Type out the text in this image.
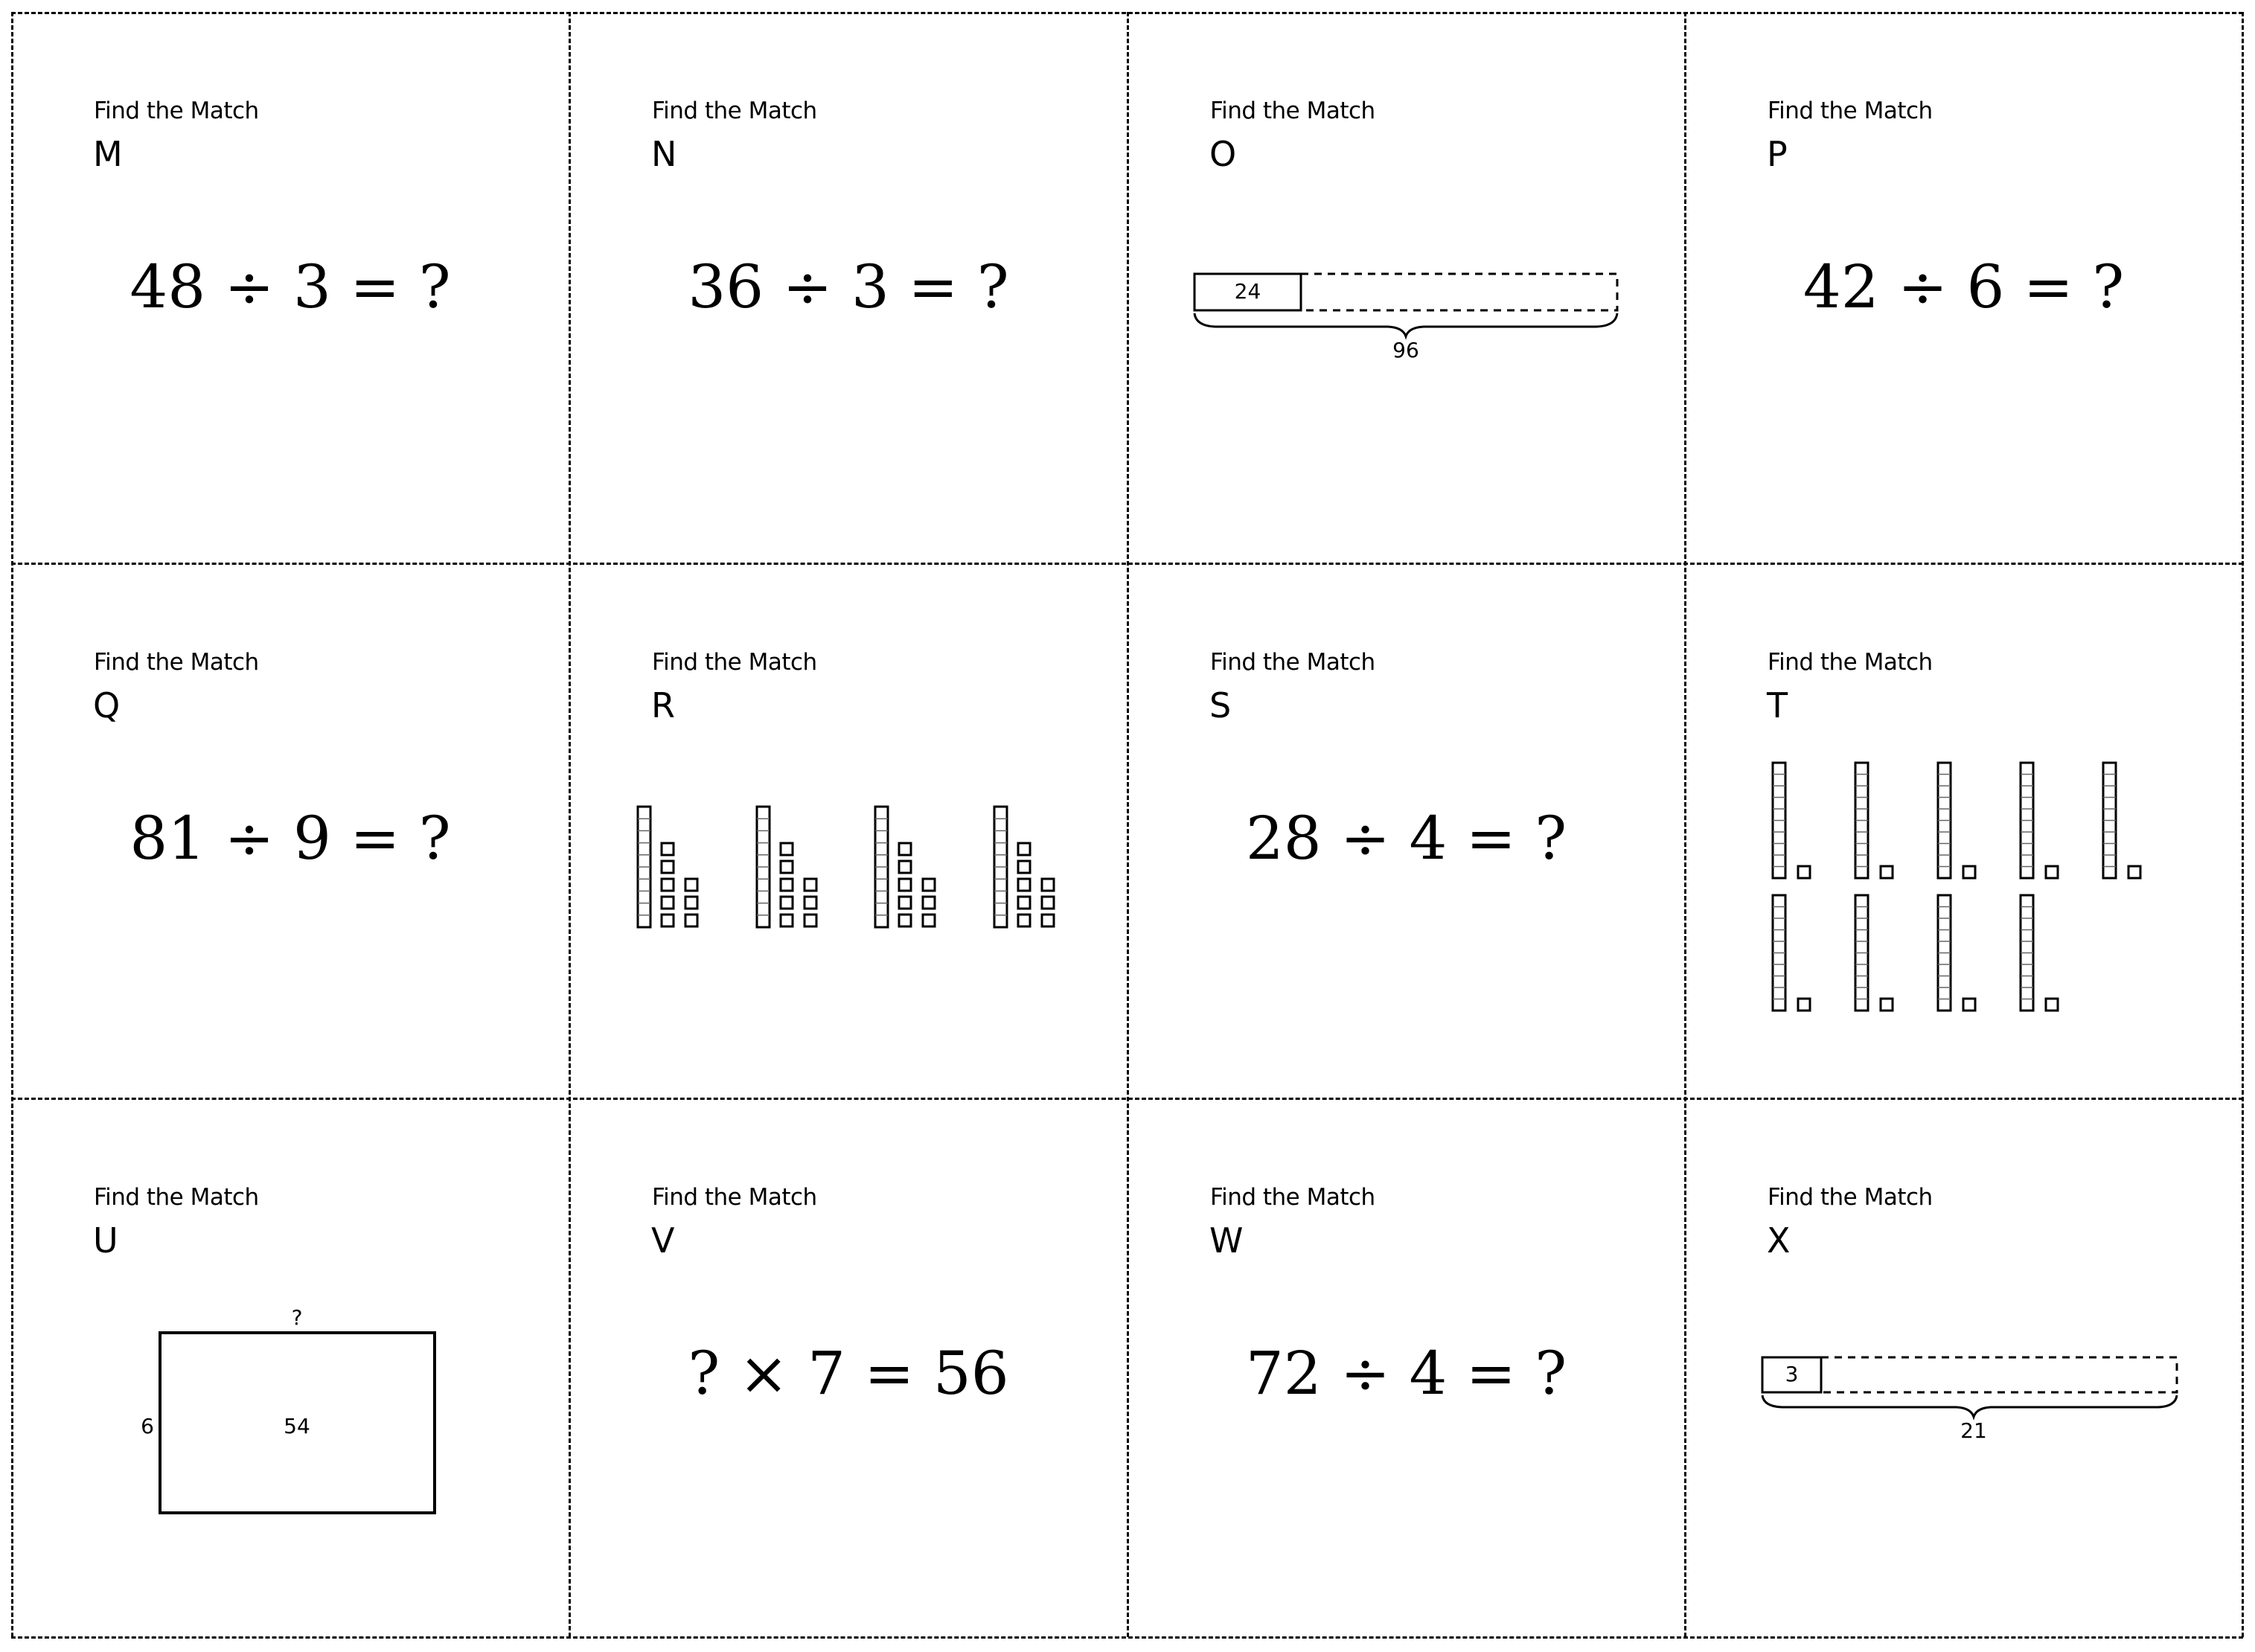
Find the Match
M
48 ÷ 3 = ?
Find the Match
N
36 ÷ 3 = ?
Find the Match
O
24
96
Find the Match
P
42 ÷ 6 = ?
Find the Match
Q
81 ÷ 9 = ?
Find the Match
R
Find the Match
S
28 ÷ 4 = ?
Find the Match
T
Find the Match
U
?
6	54
Find the Match
V
? × 7 = 56
Find the Match
W
72 ÷ 4 = ?
Find the Match
X
3
21
